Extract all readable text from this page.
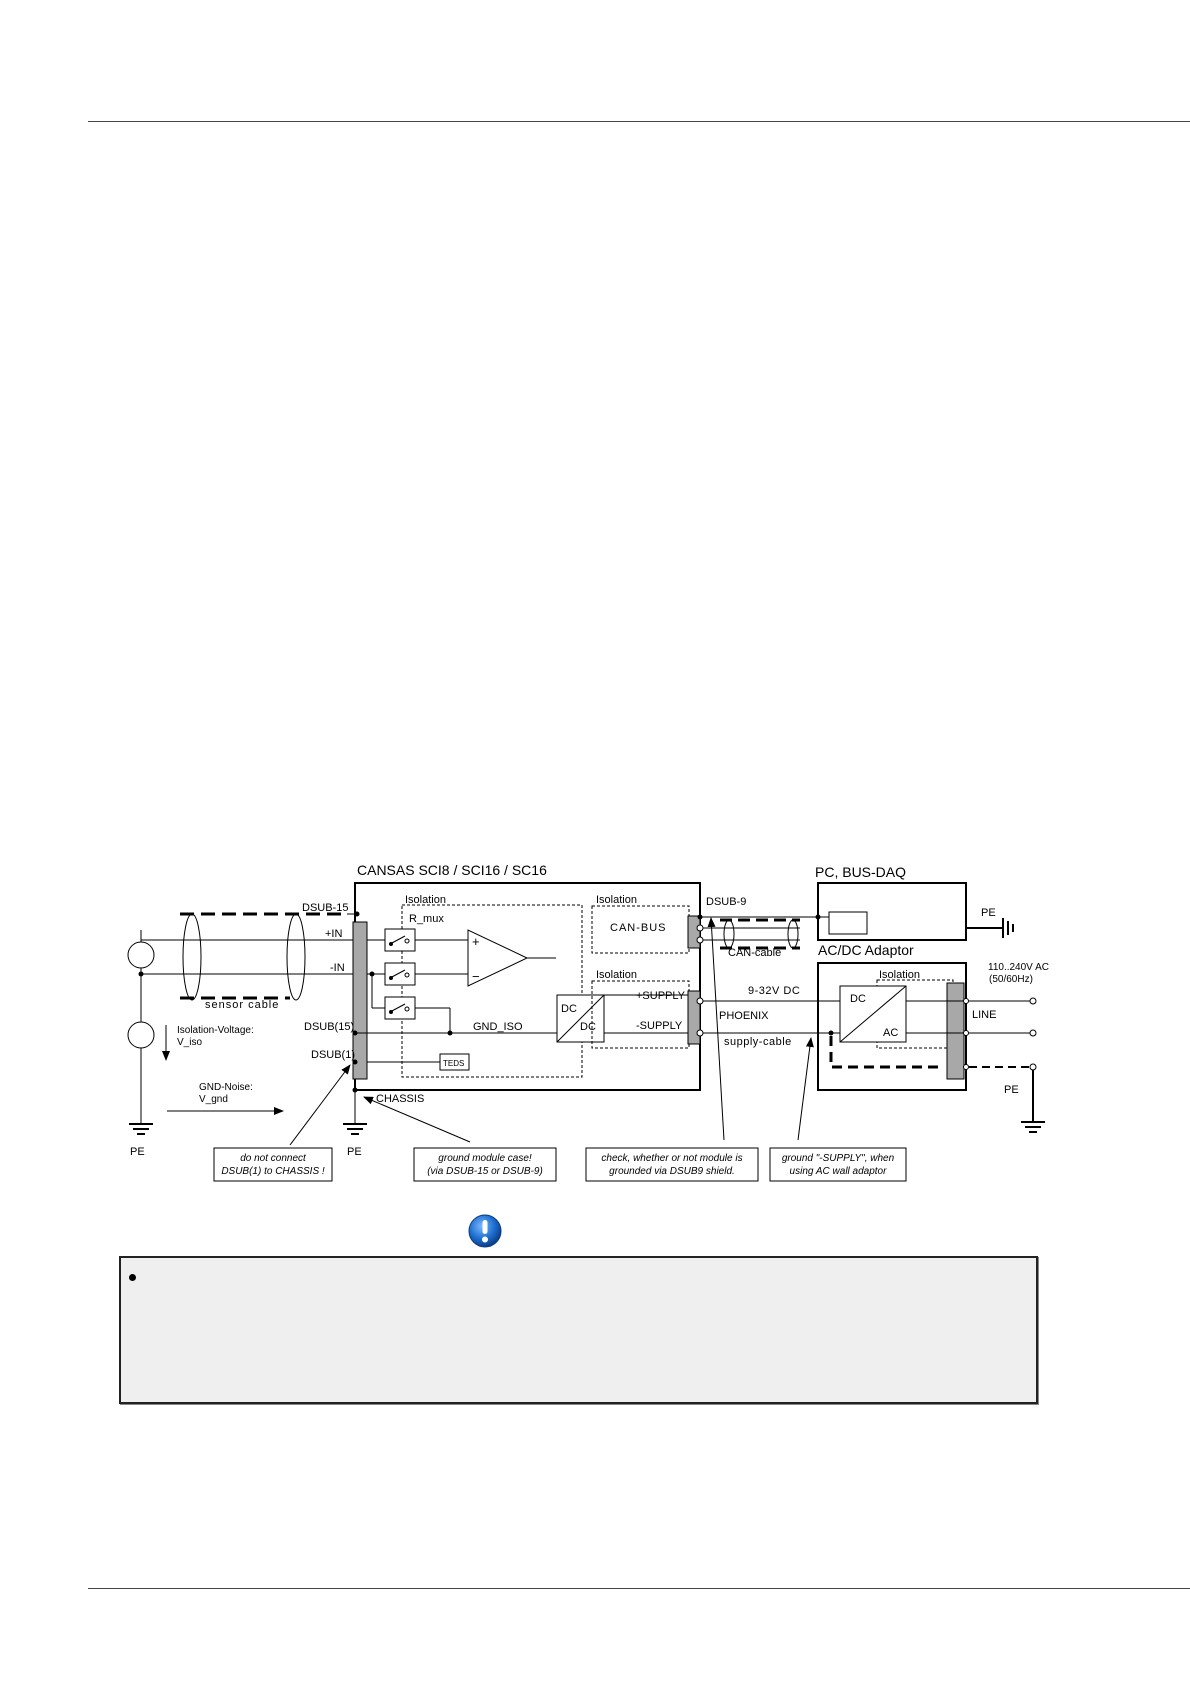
CANSAS SCI8 / SCI16 / SC16
DSUB-15
Isolation
R_mux
+
−
GND_ISO
TEDS
DC
DC
Isolation
CAN-BUS
Isolation
+SUPPLY
-SUPPLY
DSUB-9
CAN-cable
PC, BUS-DAQ
PE
9-32V DC
PHOENIX
supply-cable
AC/DC Adaptor
Isolation
DC
AC
LINE
110..240V AC
(50/60Hz)
PE
sensor cable
+IN
-IN
DSUB(15)
DSUB(1)
PE	PE
CHASSIS
Isolation-Voltage:
V_iso
GND-Noise:
V_gnd
do not connect
DSUB(1) to CHASSIS !
ground module case!
(via DSUB-15 or DSUB-9)
check, whether or not module is
grounded via DSUB9 shield.
ground "-SUPPLY", when
using AC wall adaptor
